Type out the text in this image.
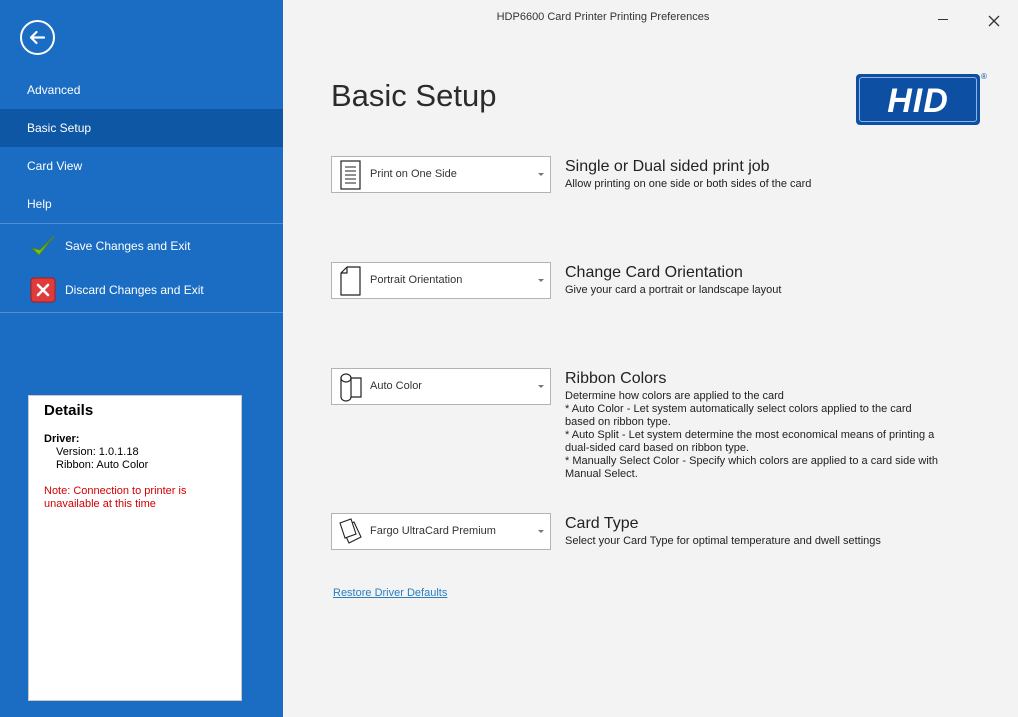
Advanced
Basic Setup
Card View
Help
Save Changes and Exit
Discard Changes and Exit
Details
Driver:
Version: 1.0.1.18
Ribbon: Auto Color
Note: Connection to printer is unavailable at this time
HDP6600 Card Printer Printing Preferences
Basic Setup	HID
®
Print on One Side	Single or Dual sided print job
Allow printing on one side or both sides of the card
Portrait Orientation	Change Card Orientation
Give your card a portrait or landscape layout
Auto Color	Ribbon Colors
Determine how colors are applied to the card
* Auto Color - Let system automatically select colors applied to the card
based on ribbon type.
* Auto Split - Let system determine the most economical means of printing a
dual-sided card based on ribbon type.
* Manually Select Color - Specify which colors are applied to a card side with
Manual Select.
Fargo UltraCard Premium	Card Type
Select your Card Type for optimal temperature and dwell settings
Restore Driver Defaults
